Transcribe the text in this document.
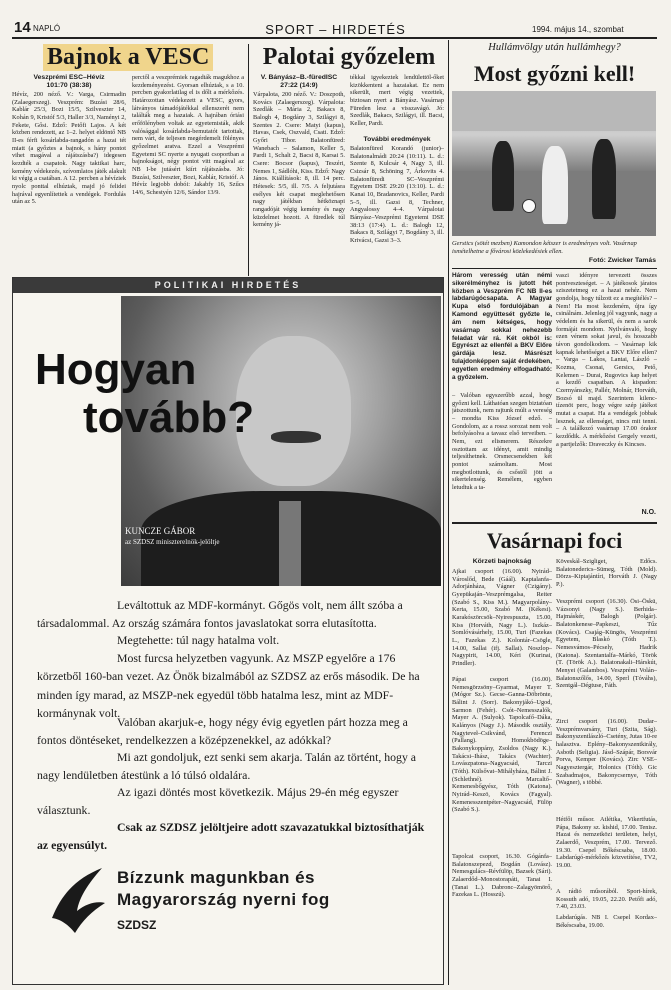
14 NAPLÓ	SPORT – HIRDETÉS	1994. május 14., szombat
Bajnok a VESC
Veszprémi ESC–Hévíz
101:70 (38:38)
Hévíz, 200 néző. V.: Varga, Csirmadin (Zalaegerszeg). Veszprém: Buzási 28/6, Kablár 25/3, Bozi 15/5, Szilveszter 14, Kohán 9, Kristóf 5/3, Haller 3/3, Naményi 2, Fekete, Gősi. Edző: Petőfi Lajos. A két közben rendezett, az 1–2. helyet eldöntő NB II-es férfi kosárlabda-rangadón a hazai tét miatt (a győztes a bajnok, s hány pontot vihet magával a rájátszásba?) idegesen kezdték a csapatok. Nagy taktikai harc, kemény védekezés, szívomlatos játék alakult ki végig a csatában. A 12. percben a hévíziek nyolc ponttal elhúztak, majd jó felidei hajrával egyenlítettek a vendégek. Fordulás után az 5.
perctől a veszprémiek ragadták magukhoz a kezdeményezést. Gyorsan elhúztak, s a 10. percben gyakorlatilag el is dőlt a mérkőzés. Határozottan védekezett a VESC, gyors, látványos támadójátékkal ellenszerét nem találták meg a hazaiak. A hajrában óriási erőfölényben voltak az egyetemisták, akik valósággal kosárlabda-bemutatót tartottak, nem várt, de teljesen megérdemelt fölényes győzelmet aratva. Ezzel a Veszprémi Egyetemi SC nyerte a nyugati csoportban a bajnokságot, négy pontot vitt magával az NB I-be jutásért kiírt rájátszásba. Jó: Buzási, Szilveszter, Bozi, Kablár, Kristóf. A Hévíz legjobb dobói: Jakabfy 16, Szűcs 14/6, Schestyén 12/6, Sándor 13/9.
Palotai győzelem
V. Bányász–B.-füredISC
27:22 (14:9)
Várpalota, 200 néző. V.: Doszpoth, Kovács (Zalaegerszeg). Várpalota: Szedlák – Mária 2, Bakacs 8, Balogh 4, Bogdány 3, Szilágyi 8, Szentes 2. Csere: Matyi (kapus), Havas, Csek, Oszvald, Csati. Edző: Győri Tibor. Balatonfüred: Wanebach – Salamon, Keller 5, Pardi 1, Schalt 2, Bacsi 8, Karsai 5. Csere: Bocsor (kapus), Teszéri, Nemes 1, Sádlóhi, Kiss. Edző: Nagy János. Kiállítások: 8, ill. 14 perc. Hétesek: 5/5, ill. 7/5. A feljutásra esélyes két csapat meglehetősen nagy játékban hétköznapi rangadóját végig kemény és nagy küzdelmet hozott. A füredlek túl kemény já-
tékkal igyekeztek lendülettöl-őket kizökkenteni a hazaiakat. Ez nem sikerült, mert végig vezettek, biztosan nyert a Bányász. Vasárnap Füreden lesz a visszavágó. Jó: Szedlák, Bakacs, Szilágyi, ill. Bacsi, Keller, Pardi.
További eredmények
Balatonfüred Korandó (junior)–Balatonalmádi 20:24 (10:11). L. d.: Szente 8, Kulcsár 4, Nagy 3, ill. Csizsár 8, Schöning 7, Árkovits 4. Balatonfüredi SC–Veszprémi Egyetem DSE 29:20 (13:10). L. d.: Kanai 10, Bradanovics, Keller, Pardi 5–5, ill. Gazsi 8, Techner, Angyalossy 4–4. Várpalotai Bányász–Veszprémi Egyetemi DSE 38:13 (17:4). L. d.: Balogh 12, Bakacs 8, Szilágyi 7, Bogdány 3, ill. Krivácsi, Gazsi 3–3.
Hullámvölgy után hullámhegy?
Most győzni kell!
Gerstics (sötét mezben) Kamondon kétszer is eredményes volt. Vasárnap ismételhetne a fővárosi közlekedésiek ellen.
Fotó: Zwicker Tamás
Három veresség után némi sikerélményhez is jutott hét közben a Veszprém FC NB II-es labdarúgócsapata. A Magyar Kupa első fordulójában a Kamond együttesét győzte le, ám nem kétséges, hogy vasárnap sokkal nehezebb feladat vár rá. Két okból is: Egyrészt az ellenfél a BKV Előre gárdája lesz. Másrészt tulajdonképpen saját érdekében, egyetlen eredmény elfogadható: a győzelem.
– Valóban egyszerűbb azzal, hogy győzni kell. Láthatóan szegen biztatóan játszottunk, nem rajtunk múlt a vereség – mondta Kiss József edző. – Gondolom, az a rossz sorozat nem volt befolyásolva a tavasz első terveiben. – Nem, ezt elismerem. Részekre osztottam az idényt, amit mindig teljesíthetnek. Orsmecsenekben két pontot számoltam. Most megbotlottunk, és csőstől jött a sikertelenség. Remélem, egyben letudtuk a ta-
vaszi idényre tervezett összes pontveszteséget. – A játékosok járatos sziszetetmeg ez a hazai nehéz. Nem gondolja, hogy túlzott ez a megítélés? – Nem! Ha most kezdeném, újra így csinálnám. Jelenleg jól vagyunk, nagy a védelem és ha sikerül, és nem a sarok formáját mondom. Nyilvánvaló, hogy ezen vénem sokat javul, és hosszabb távon gondolkodom. – Vasárnap kik kapnak lehetőséget a BKV Előre ellen? – Varga – Lakos, Lantai, László – Kozma, Csonai, Gersics, Pető, Kelemen – Durai, Rugovics kap helyet a kezdő csapatban. A kispadon: Czernyánszky, Pallér, Molnár, Horváth, Bozsó ül majd. Szerintem kilenc-tízenöt perc, hogy végre szép játékot mutat a csapat. Ha a vendégek jobbak lesznek, az ellenséget, nincs mit tenni. – A találkozó vasárnap 17.00 órakor kezdődik. A mérkőzést Gergely vezeti, a partjelzők: Draveczky és Kincses.
N.O.
Vasárnapi foci
Körzeti bajnokság
Ajkai csoport (16.00). Nyirád–Városlőd, Bede (Gáál). Kaptalanfa–Adorjánháza, Vágner (Czigány). Gyepükaján–Veszprémgalsa, Reiter (Szabó S., Kiss M.). Magyarpolány–Kerta, 15.00, Szabó M. (Kékesi). Karakószörcsök–Nyirespuszta, 15.00, Kiss (Horváth, Nagy L.). Iszkáz–Somlóvásárhely, 15.00, Turi (Fazekas L., Fazekas Z.). Kolontár–Csögle, 14.00, Sallai (ifj. Sallai). Noszlop–Nagypirit, 14.00, Kéri (Kurinai, Prindler).
Pápai csoport (16.00). Nemesgörzsöny–Gyarmat, Mayer T. (Mógor Sz.). Gecse–Ganna-Döbrönte, Bálint J. (Sorr). Bakonyjákó–Ugod, Sarmon (Fehér). Csót–Nemesszalók, Mayer A. (Sulyok). Tapolcafő–Dáka, Kalányos (Nagy J.). Második osztály. Nagyteveł–Csikvánd, Ferenczi (Pallang). Homokbödöge–Bakonykoppány, Zsoldos (Nagy K.). Takácsi–Ihász, Takács (Wachter). Lovászpatona–Nagyacsád, Tarczi (Tóth). Külsővat–Mihályháza, Bálint J. (Schlethné). Marcaltő–Kemenesbőgyész, Tóth (Katona). Nyirád–Keszö, Kovács (Fagyal). Kemenesszentpéter–Nagyacsád, Fülöp (Szabó S.).
Tapolcai csoport, 16.30. Gógánfa–Balatonszepezd, Bogdán (Lovász). Nemesgulács–Révfülöp, Bazsek (Sári). Zalaerdőd–Monostorapáti, Tanai I. (Tanai L.). Dabronc–Zalagyömörő, Fazekas L. (Hosszú).
Köveskál–Szigliget, Edőcs. Balatonederics–Sümeg, Tóth (Mold). Dörzs–Kiptajántíri, Horváth J. (Nagy P.).
Veszprémi csoport (16.30). Ősi–Öskü, Vázsonyi (Nagy S.). Berhida–Hajmáskér, Balogh (Polgár). Balatonkenese–Papkeszi, Tűz (Kovács). Csajág–Küngös, Veszprémi Egyetem, Blaskó (Tóth T.). Nemesvámos–Pécsely, Hadrik (Katona). Szentantalfa–Márkó, Török (T. (Török A.). Balatonakali–Hárskút, Menyei (Galambos). Veszprémi Volán–Balatonszőlős, 14.00, Sperl (Tóváhs), Szentgál–Dégtuse, Fáth.
Zirci csoport (16.00). Dudar–Veszprémvarsány, Turi (Szita, Ság). Bakonyszentlászló–Csetény, Jutas 10-re halasztva. Eplény–Bakonyszentkirály, Asboth (Seligia). Jásd–Szápár, Borsvár Porva, Kemper (Kovács). Zirc VSE–Nagyesztergár, Holonics (Tóth). Gic Szabadmajos, Bakonycsernye, Tóth (Wagner), s többé.
Hétfői műsor. Atlétika, Vikertfutás, Pápa, Bakony sz. kishid, 17.00. Tenisz. Hazai és nemzetközi területen, helyi, Zalaerdő, Veszprém, 17.00. Tervező. 19.30. Csepel Bőkéscsaba, 18.00. Labdarúgó-mérkőzés közvetítése, TV2, 19.00.
A rádió műsorából. Sport-hírek, Kossuth adó, 19.05, 22.20. Petőfi adó, 7.40, 23.03.
Labdarúgás. NB I. Csepel Kordax–Békéscsaba, 19.00.
POLITIKAI HIRDETÉS
Hogyan
tovább?
KUNCZE GÁBOR
az SZDSZ miniszterelnök-jelöltje
Leváltottuk az MDF-kormányt. Gőgös volt, nem állt szóba a társadalommal. Az ország számára fontos javaslatokat sorra elutasította.
Megtehette: túl nagy hatalma volt.
Most furcsa helyzetben vagyunk. Az MSZP egyelőre a 176 körzetből 160-ban vezet. Az Önök bizalmából az SZDSZ az erős második. De ha minden így marad, az MSZP-nek egyedül több hatalma lesz, mint az MDF-kormánynak volt.
Valóban akarjuk-e, hogy négy évig egyetlen párt hozza meg a fontos döntéseket, rendelkezzen a középzenekkel, az adókkal?
Mi azt gondoljuk, ezt senki sem akarja. Talán az történt, hogy a nagy lendületben átestünk a ló túlsó oldalára.
Az igazi döntés most következik. Május 29-én még egyszer választunk.
Csak az SZDSZ jelöltjeire adott szavazatukkal biztosíthatják az egyensúlyt.
Bízzunk magunkban és
Magyarország nyerni fog
SZDSZ
